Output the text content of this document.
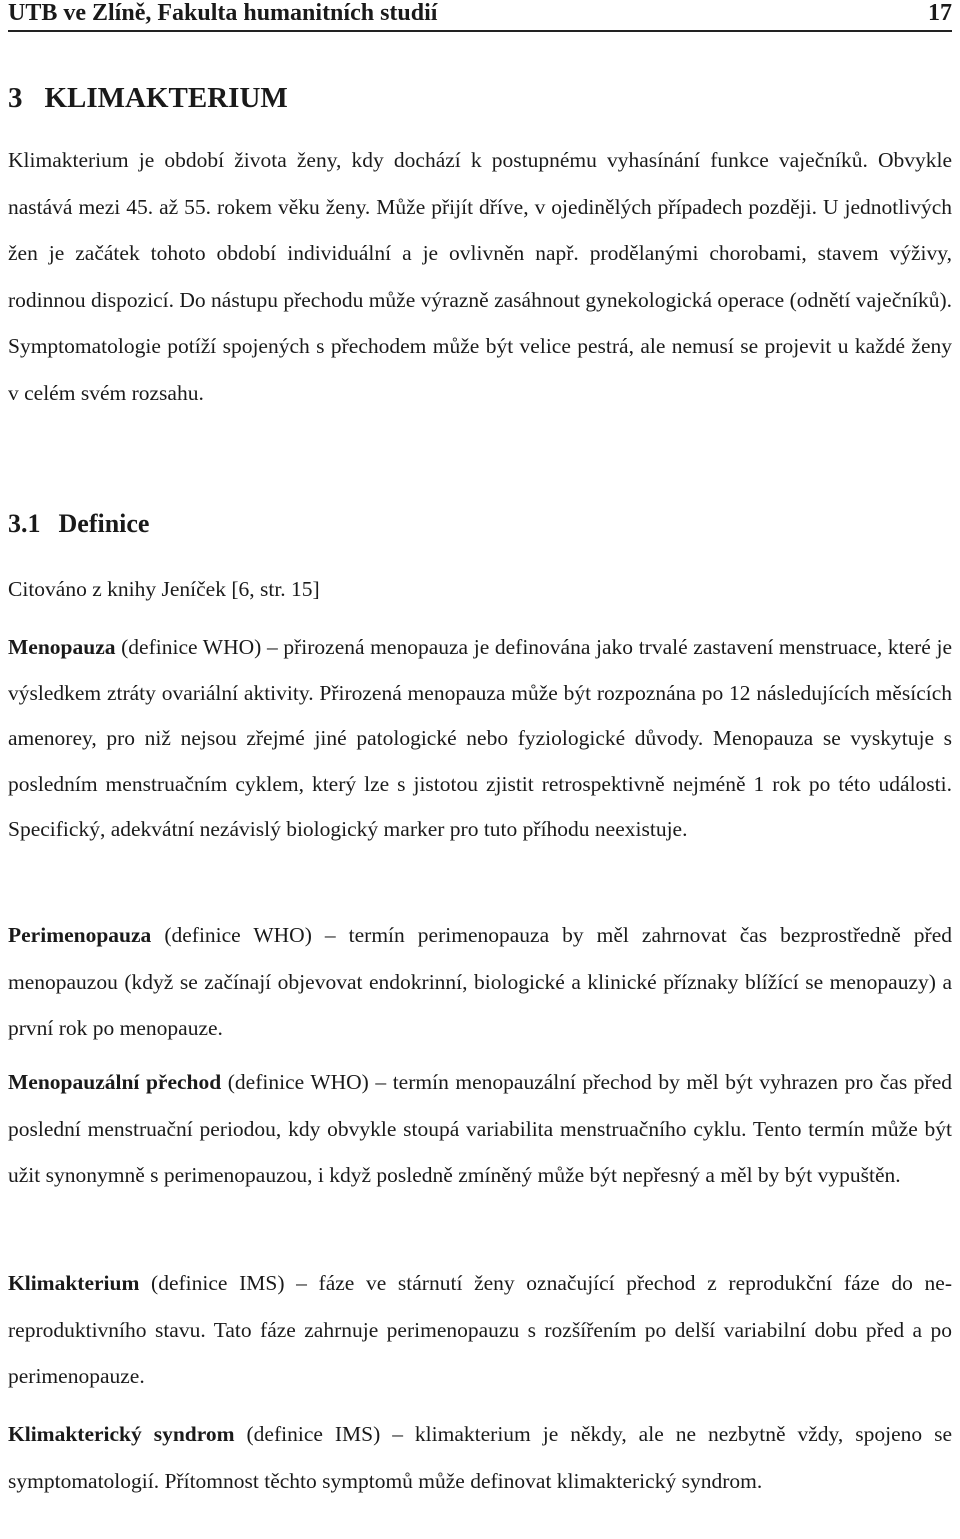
UTB ve Zlíně, Fakulta humanitních studií	17
3 KLIMAKTERIUM

Klimakterium je období života ženy, kdy dochází k postupnému vyhasínání funkce vaječníků. Obvykle nastává mezi 45. až 55. rokem věku ženy. Může přijít dříve, v ojedinělých případech později. U jednotlivých žen je začátek tohoto období individuální a je ovlivněn např. prodělanými chorobami, stavem výživy, rodinnou dispozicí. Do nástupu přechodu může výrazně zasáhnout gynekologická operace (odnětí vaječníků). Symptomatologie potíží spojených s přechodem může být velice pestrá, ale nemusí se projevit u každé ženy v celém svém rozsahu.

3.1 Definice

Citováno z knihy Jeníček [6, str. 15]

Menopauza (definice WHO) – přirozená menopauza je definována jako trvalé zastavení menstruace, které je výsledkem ztráty ovariální aktivity. Přirozená menopauza může být rozpoznána po 12 následujících měsících amenorey, pro niž nejsou zřejmé jiné patologické nebo fyziologické důvody. Menopauza se vyskytuje s posledním menstruačním cyklem, který lze s jistotou zjistit retrospektivně nejméně 1 rok po této události. Specifický, adekvátní nezávislý biologický marker pro tuto příhodu neexistuje.

Perimenopauza (definice WHO) – termín perimenopauza by měl zahrnovat čas bezprostředně před menopauzou (když se začínají objevovat endokrinní, biologické a klinické příznaky blížící se menopauzy) a první rok po menopauze.

Menopauzální přechod (definice WHO) – termín menopauzální přechod by měl být vyhrazen pro čas před poslední menstruační periodou, kdy obvykle stoupá variabilita menstruačního cyklu. Tento termín může být užit synonymně s perimenopauzou, i když posledně zmíněný může být nepřesný a měl by být vypuštěn.

Klimakterium (definice IMS) – fáze ve stárnutí ženy označující přechod z reprodukční fáze do ne-reproduktivního stavu. Tato fáze zahrnuje perimenopauzu s rozšířením po delší variabilní dobu před a po perimenopauze.

Klimakterický syndrom (definice IMS) – klimakterium je někdy, ale ne nezbytně vždy, spojeno se symptomatologií. Přítomnost těchto symptomů může definovat klimakterický syndrom.
